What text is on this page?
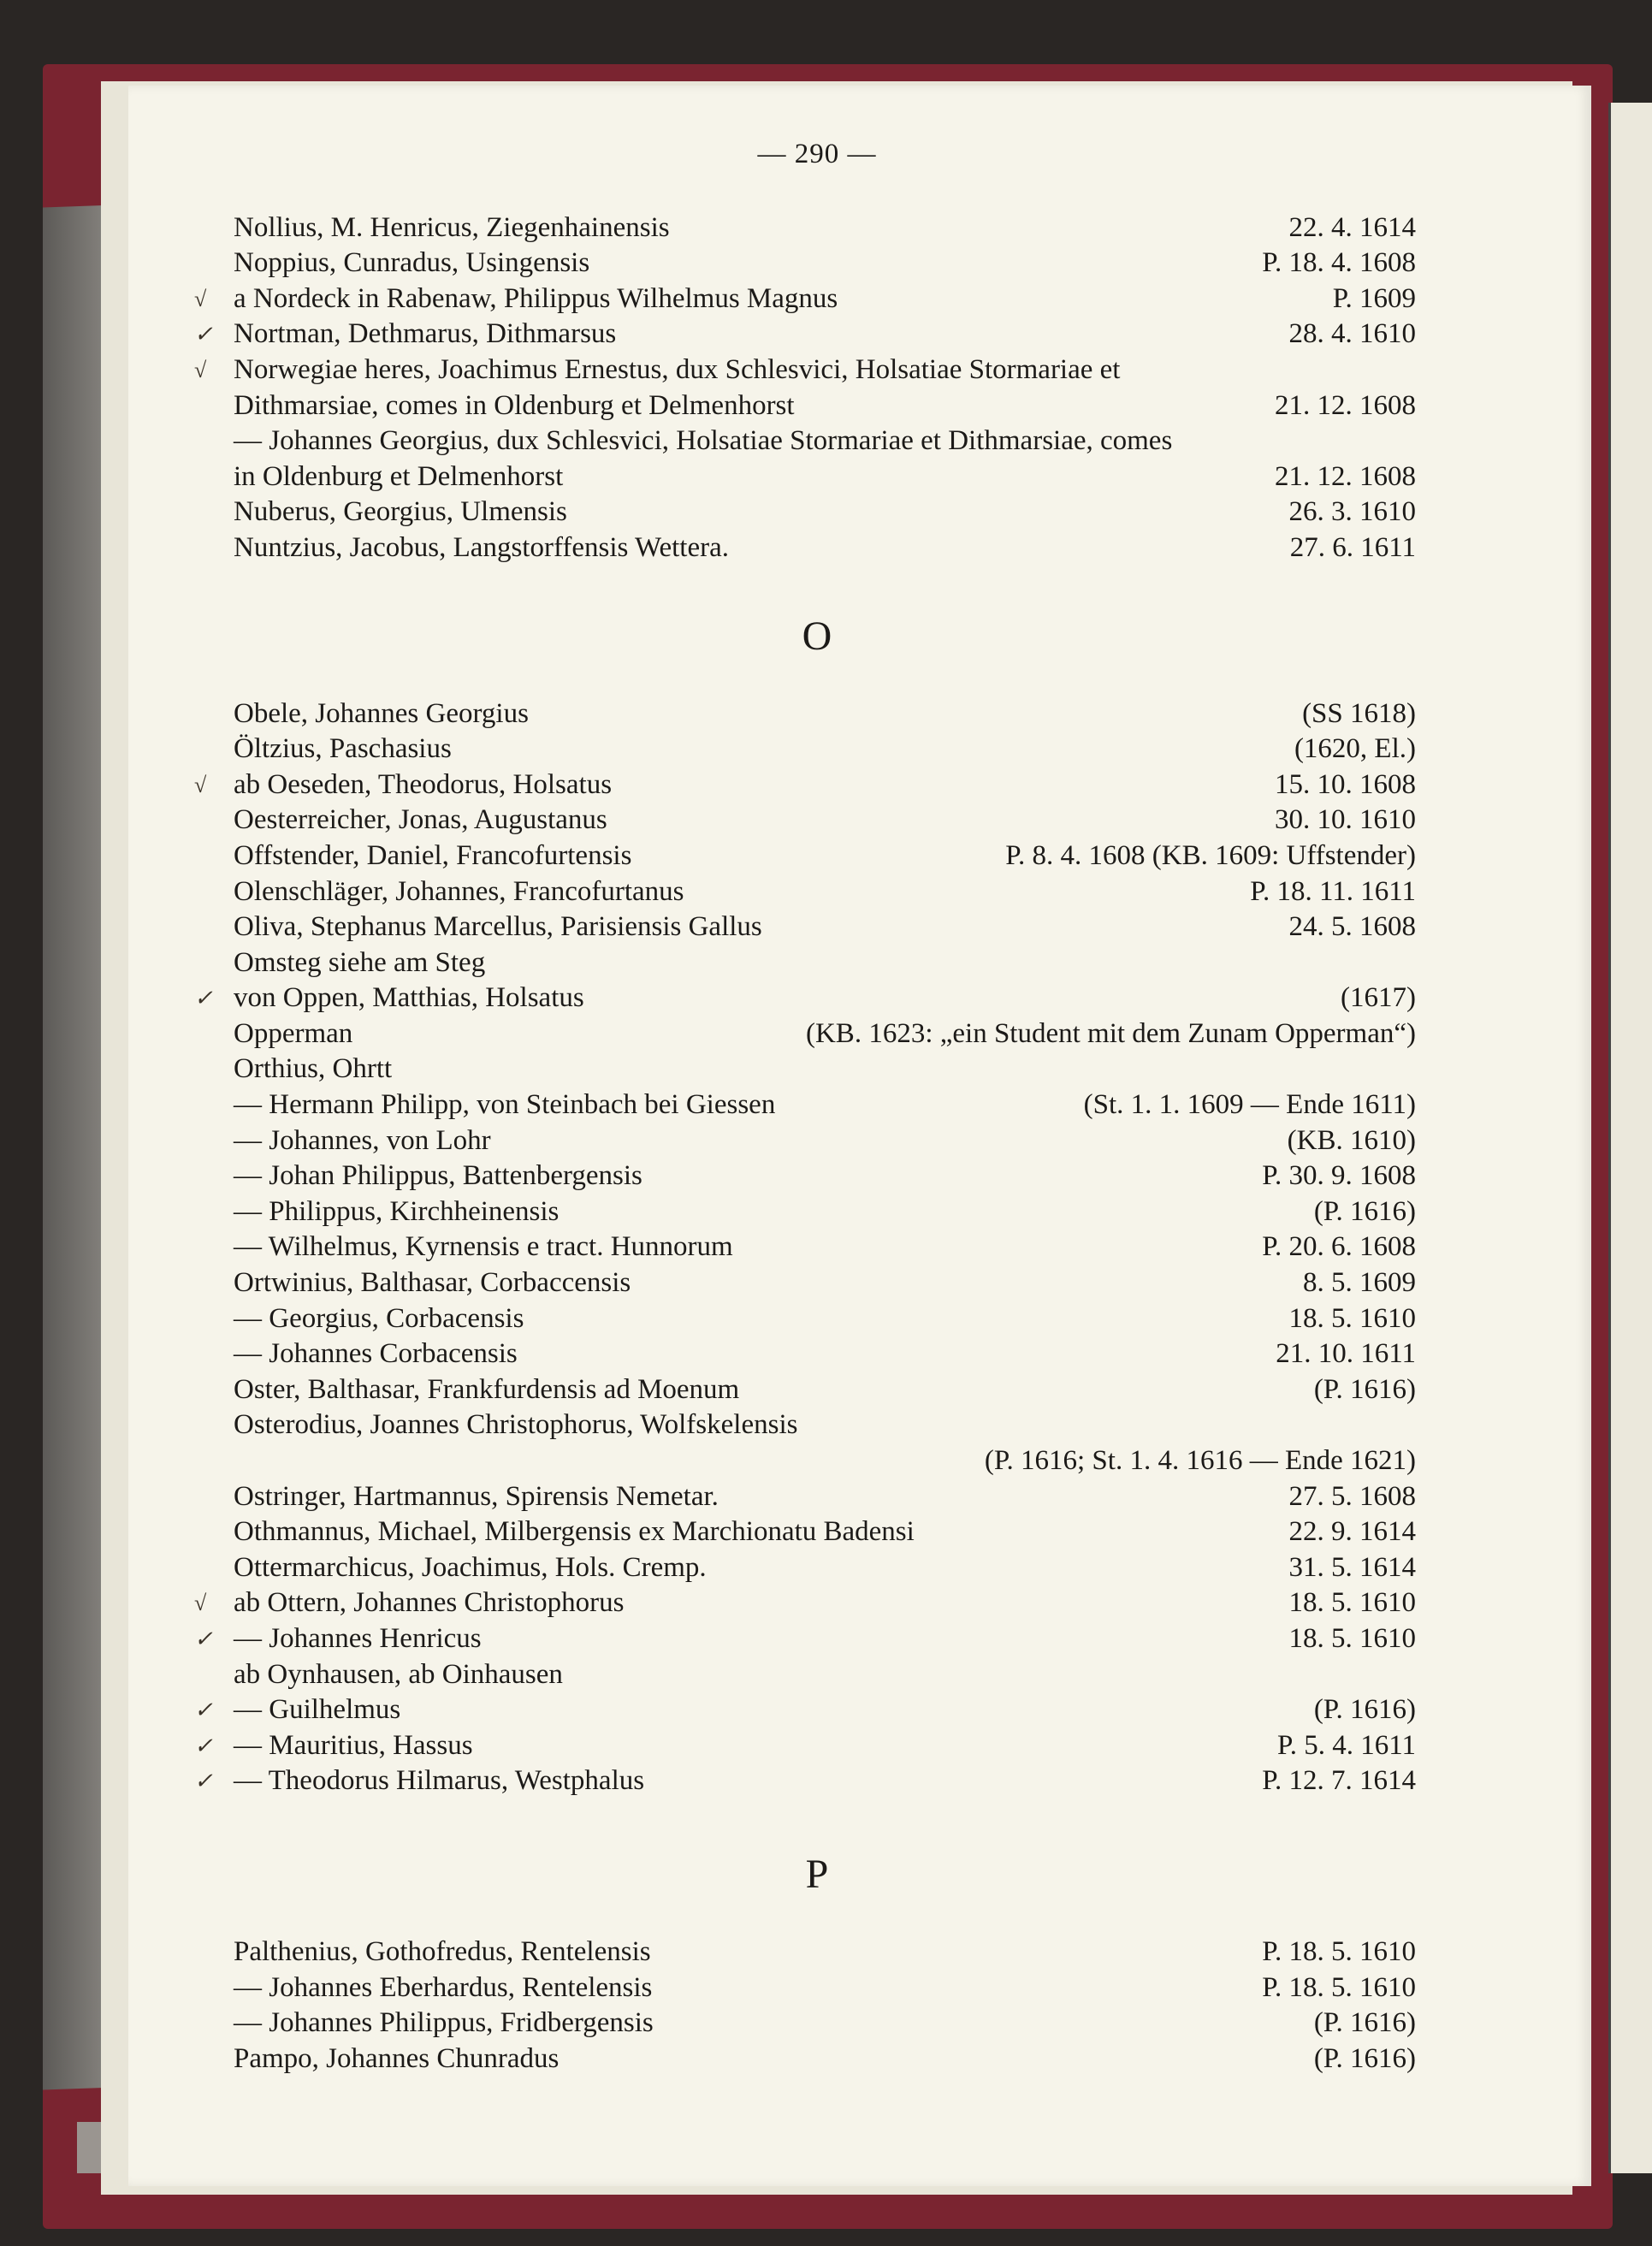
— 290 —
Nollius, M. Henricus, Ziegenhainensis	22. 4. 1614
Noppius, Cunradus, Usingensis	P. 18. 4. 1608
√ a Nordeck in Rabenaw, Philippus Wilhelmus Magnus	P. 1609
✓ Nortman, Dethmarus, Dithmarsus	28. 4. 1610
√ Norwegiae heres, Joachimus Ernestus, dux Schlesvici, Holsatiae Stormariae et
Dithmarsiae, comes in Oldenburg et Delmenhorst	21. 12. 1608
— Johannes Georgius, dux Schlesvici, Holsatiae Stormariae et Dithmarsiae, comes
in Oldenburg et Delmenhorst	21. 12. 1608
Nuberus, Georgius, Ulmensis	26. 3. 1610
Nuntzius, Jacobus, Langstorffensis Wettera.	27. 6. 1611
O
Obele, Johannes Georgius	(SS 1618)
Öltzius, Paschasius	(1620, El.)
√ ab Oeseden, Theodorus, Holsatus	15. 10. 1608
Oesterreicher, Jonas, Augustanus	30. 10. 1610
Offstender, Daniel, Francofurtensis	P. 8. 4. 1608 (KB. 1609: Uffstender)
Olenschläger, Johannes, Francofurtanus	P. 18. 11. 1611
Oliva, Stephanus Marcellus, Parisiensis Gallus	24. 5. 1608
Omsteg siehe am Steg
✓ von Oppen, Matthias, Holsatus	(1617)
Opperman	(KB. 1623: „ein Student mit dem Zunam Opperman“)
Orthius, Ohrtt
— Hermann Philipp, von Steinbach bei Giessen	(St. 1. 1. 1609 — Ende 1611)
— Johannes, von Lohr	(KB. 1610)
— Johan Philippus, Battenbergensis	P. 30. 9. 1608
— Philippus, Kirchheinensis	(P. 1616)
— Wilhelmus, Kyrnensis e tract. Hunnorum	P. 20. 6. 1608
Ortwinius, Balthasar, Corbaccensis	8. 5. 1609
— Georgius, Corbacensis	18. 5. 1610
— Johannes Corbacensis	21. 10. 1611
Oster, Balthasar, Frankfurdensis ad Moenum	(P. 1616)
Osterodius, Joannes Christophorus, Wolfskelensis

(P. 1616; St. 1. 4. 1616 — Ende 1621)
Ostringer, Hartmannus, Spirensis Nemetar.	27. 5. 1608
Othmannus, Michael, Milbergensis ex Marchionatu Badensi	22. 9. 1614
Ottermarchicus, Joachimus, Hols. Cremp.	31. 5. 1614
√ ab Ottern, Johannes Christophorus	18. 5. 1610
✓ — Johannes Henricus	18. 5. 1610
ab Oynhausen, ab Oinhausen
✓ — Guilhelmus	(P. 1616)
✓ — Mauritius, Hassus	P. 5. 4. 1611
✓ — Theodorus Hilmarus, Westphalus	P. 12. 7. 1614
P
Palthenius, Gothofredus, Rentelensis	P. 18. 5. 1610
— Johannes Eberhardus, Rentelensis	P. 18. 5. 1610
— Johannes Philippus, Fridbergensis	(P. 1616)
Pampo, Johannes Chunradus	(P. 1616)
